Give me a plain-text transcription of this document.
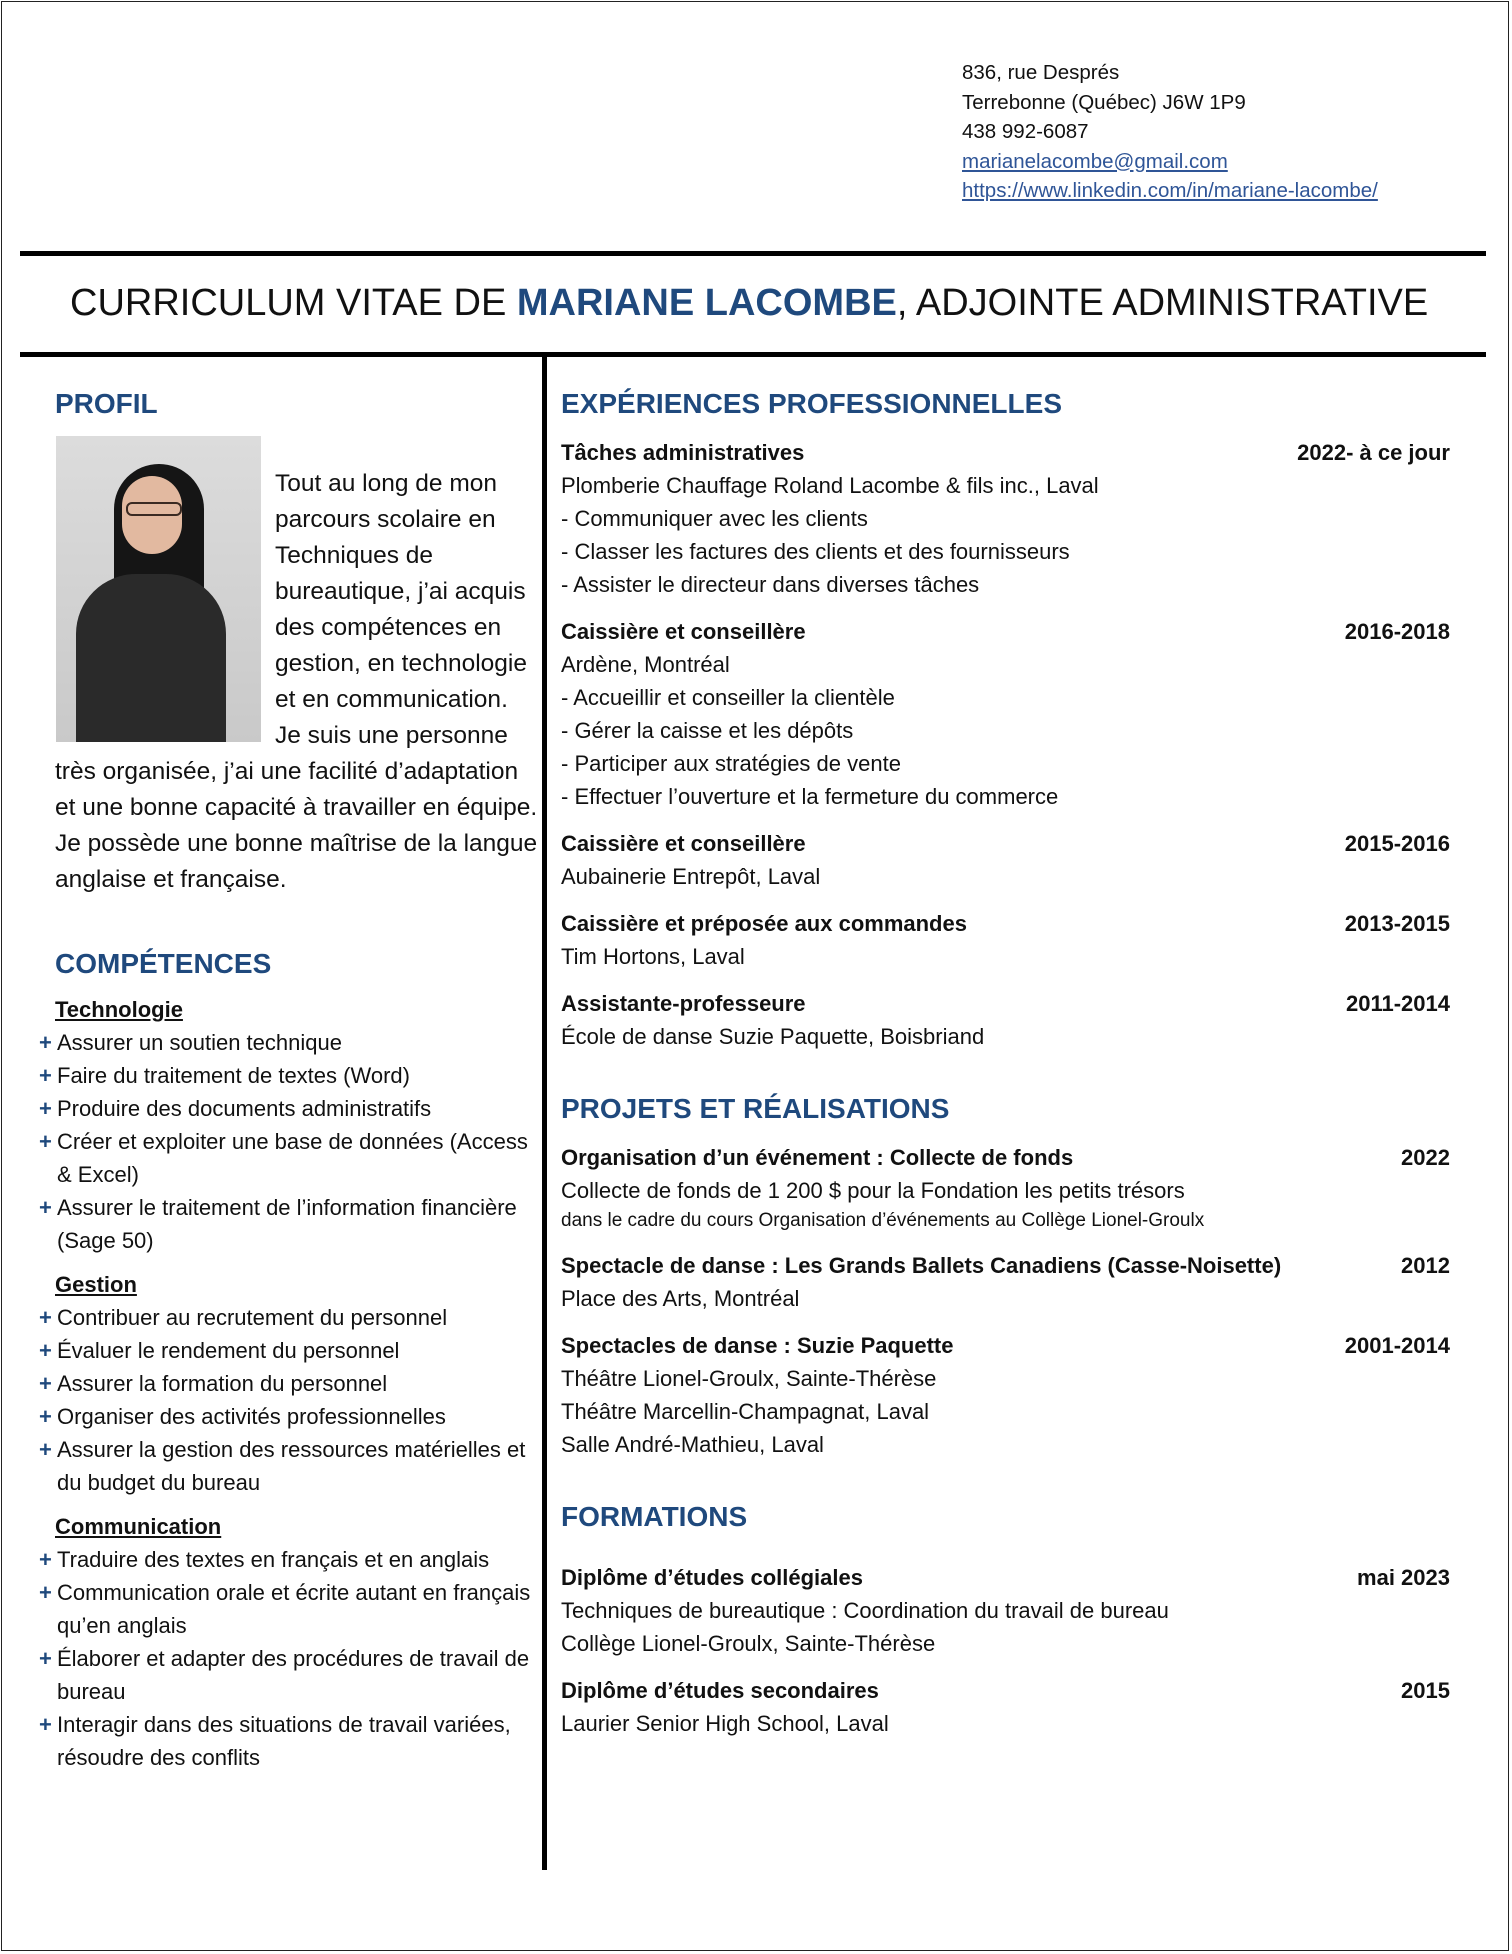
836, rue Després
Terrebonne (Québec) J6W 1P9
438 992-6087
marianelacombe@gmail.com
https://www.linkedin.com/in/mariane-lacombe/
CURRICULUM VITAE DE MARIANE LACOMBE, ADJOINTE ADMINISTRATIVE
PROFIL

Tout au long de mon parcours scolaire en Techniques de bureautique, j’ai acquis des compétences en gestion, en technologie et en communication. Je suis une personne très organisée, j’ai une facilité d’adaptation et une bonne capacité à travailler en équipe. Je possède une bonne maîtrise de la langue anglaise et française.

COMPÉTENCES

Technologie

+ Assurer un soutien technique
+ Faire du traitement de textes (Word)
+ Produire des documents administratifs
+ Créer et exploiter une base de données (Access & Excel)
+ Assurer le traitement de l’information financière (Sage 50)

Gestion

+ Contribuer au recrutement du personnel
+ Évaluer le rendement du personnel
+ Assurer la formation du personnel
+ Organiser des activités professionnelles
+ Assurer la gestion des ressources matérielles et du budget du bureau

Communication

+ Traduire des textes en français et en anglais
+ Communication orale et écrite autant en français qu’en anglais
+ Élaborer et adapter des procédures de travail de bureau
+ Interagir dans des situations de travail variées, résoudre des conflits
EXPÉRIENCES PROFESSIONNELLES
Tâches administratives	2022- à ce jour
Plomberie Chauffage Roland Lacombe & fils inc., Laval
- Communiquer avec les clients
- Classer les factures des clients et des fournisseurs
- Assister le directeur dans diverses tâches
Caissière et conseillère	2016-2018
Ardène, Montréal
- Accueillir et conseiller la clientèle
- Gérer la caisse et les dépôts
- Participer aux stratégies de vente
- Effectuer l’ouverture et la fermeture du commerce
Caissière et conseillère	2015-2016
Aubainerie Entrepôt, Laval
Caissière et préposée aux commandes	2013-2015
Tim Hortons, Laval
Assistante-professeure	2011-2014
École de danse Suzie Paquette, Boisbriand
PROJETS ET RÉALISATIONS
Organisation d’un événement : Collecte de fonds	2022
Collecte de fonds de 1 200 $ pour la Fondation les petits trésors
dans le cadre du cours Organisation d’événements au Collège Lionel-Groulx
Spectacle de danse : Les Grands Ballets Canadiens (Casse-Noisette)	2012
Place des Arts, Montréal
Spectacles de danse : Suzie Paquette	2001-2014
Théâtre Lionel-Groulx, Sainte-Thérèse
Théâtre Marcellin-Champagnat, Laval
Salle André-Mathieu, Laval
FORMATIONS
Diplôme d’études collégiales	mai 2023
Techniques de bureautique : Coordination du travail de bureau
Collège Lionel-Groulx, Sainte-Thérèse
Diplôme d’études secondaires	2015
Laurier Senior High School, Laval
